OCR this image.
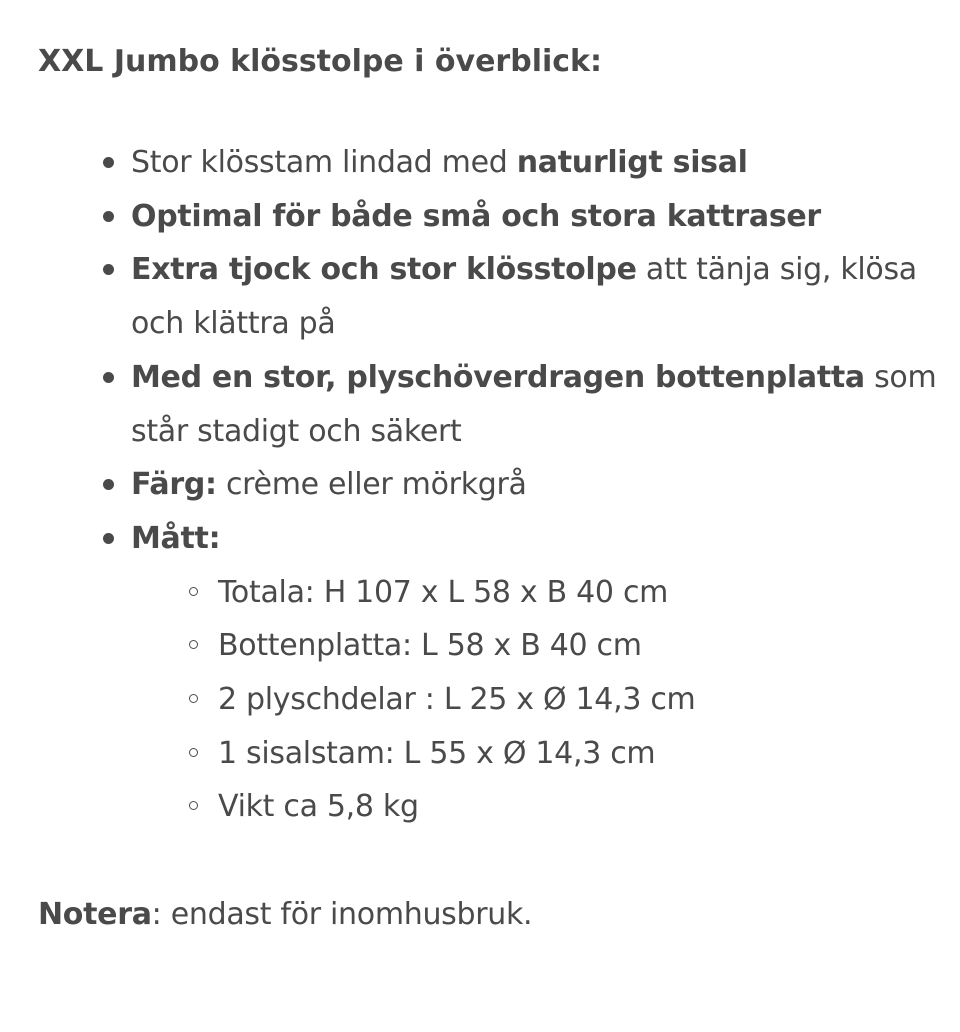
XXL Jumbo klösstolpe i överblick:
Stor klösstam lindad med naturligt sisal
Optimal för både små och stora kattraser
Extra tjock och stor klösstolpe att tänja sig, klösa och klättra på
Med en stor, plyschöverdragen bottenplatta som står stadigt och säkert
Färg: crème eller mörkgrå
Mått:
Totala: H 107 x L 58 x B 40 cm
Bottenplatta: L 58 x B 40 cm
2 plyschdelar : L 25 x Ø 14,3 cm
1 sisalstam: L 55 x Ø 14,3 cm
Vikt ca 5,8 kg

Notera: endast för inomhusbruk.
